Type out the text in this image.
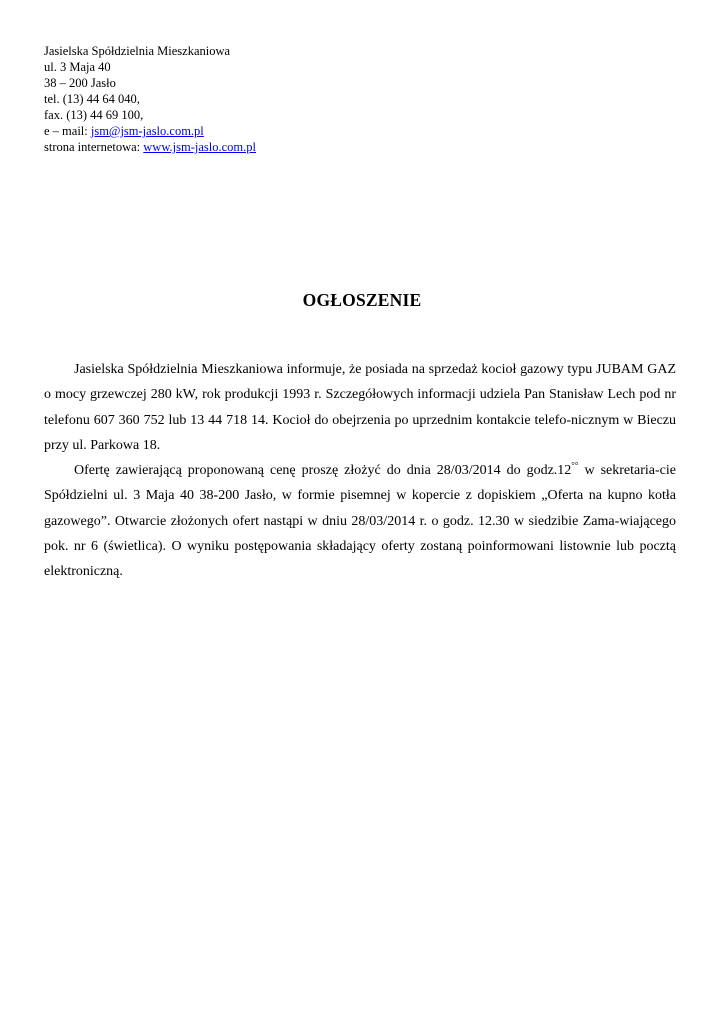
Jasielska Spółdzielnia Mieszkaniowa
ul. 3 Maja 40
38 – 200 Jasło
tel. (13) 44 64 040,
fax. (13) 44 69 100,
e – mail: jsm@jsm-jaslo.com.pl
strona internetowa: www.jsm-jaslo.com.pl
OGŁOSZENIE

Jasielska Spółdzielnia Mieszkaniowa informuje, że posiada na sprzedaż kocioł gazowy typu JUBAM GAZ o mocy grzewczej 280 kW, rok produkcji 1993 r. Szczegółowych informacji udziela Pan Stanisław Lech pod nr telefonu 607 360 752 lub 13 44 718 14. Kocioł do obejrzenia po uprzednim kontakcie telefo-nicznym w Bieczu przy ul. Parkowa 18.

Ofertę zawierającą proponowaną cenę proszę złożyć do dnia 28/03/2014 do godz.12°° w sekretaria-cie Spółdzielni ul. 3 Maja 40 38-200 Jasło, w formie pisemnej w kopercie z dopiskiem „Oferta na kupno kotła gazowego”. Otwarcie złożonych ofert nastąpi w dniu 28/03/2014 r. o godz. 12.30 w siedzibie Zama-wiającego pok. nr 6 (świetlica). O wyniku postępowania składający oferty zostaną poinformowani listownie lub pocztą elektroniczną.
